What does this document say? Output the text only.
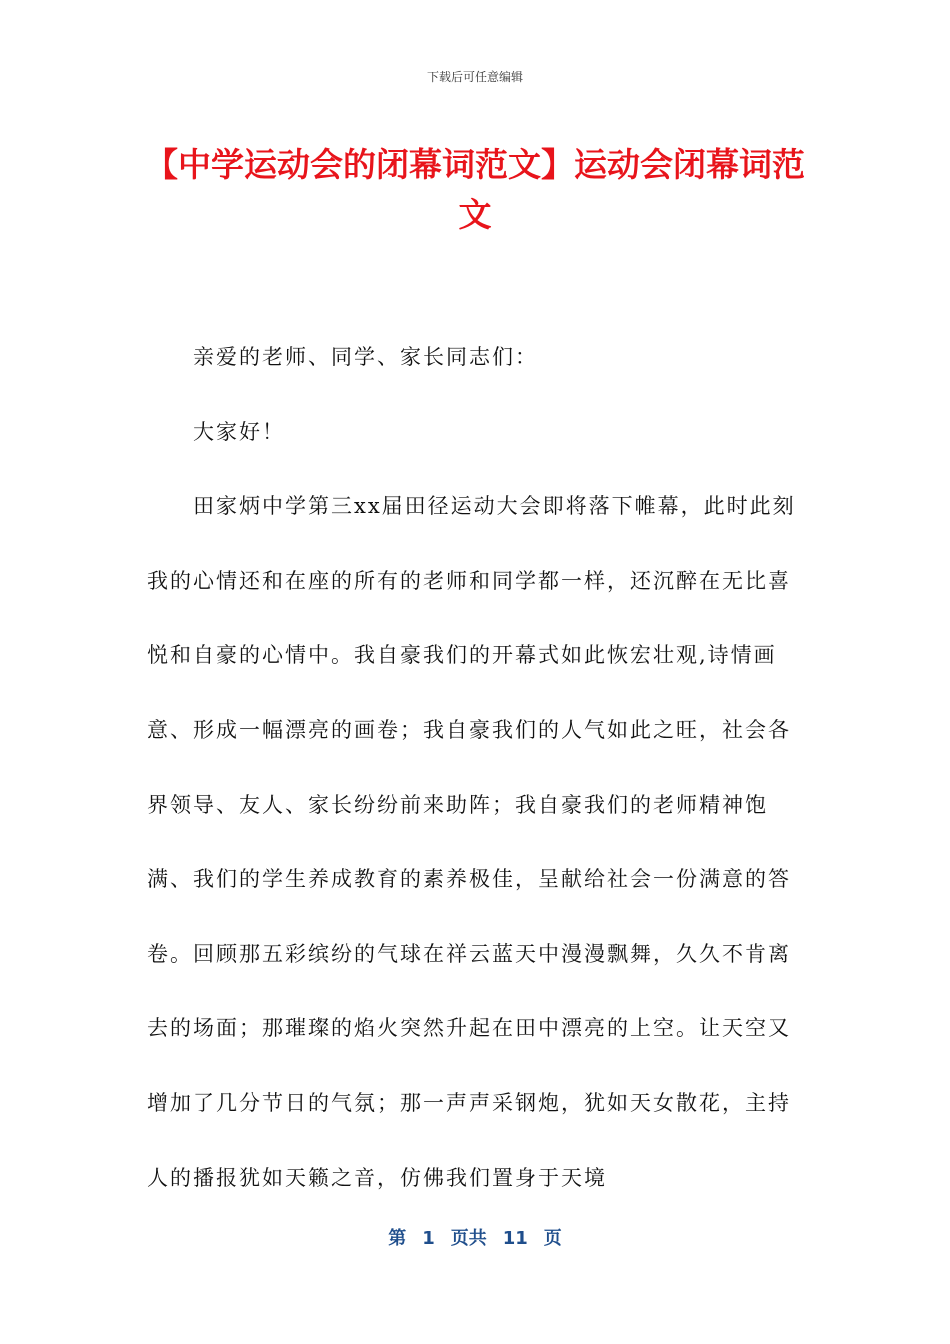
下载后可任意编辑
【中学运动会的闭幕词范文】运动会闭幕词范文

亲爱的老师、同学、家长同志们：

大家好！

田家炳中学第三xx届田径运动大会即将落下帷幕，此时此刻我的心情还和在座的所有的老师和同学都一样，还沉醉在无比喜悦和自豪的心情中。我自豪我们的开幕式如此恢宏壮观,诗情画意、形成一幅漂亮的画卷；我自豪我们的人气如此之旺，社会各界领导、友人、家长纷纷前来助阵；我自豪我们的老师精神饱满、我们的学生养成教育的素养极佳，呈献给社会一份满意的答卷。回顾那五彩缤纷的气球在祥云蓝天中漫漫飘舞，久久不肯离去的场面；那璀璨的焰火突然升起在田中漂亮的上空。让天空又增加了几分节日的气氛；那一声声采钢炮，犹如天女散花，主持人的播报犹如天籁之音，仿佛我们置身于天境

第 1 页共 11 页
